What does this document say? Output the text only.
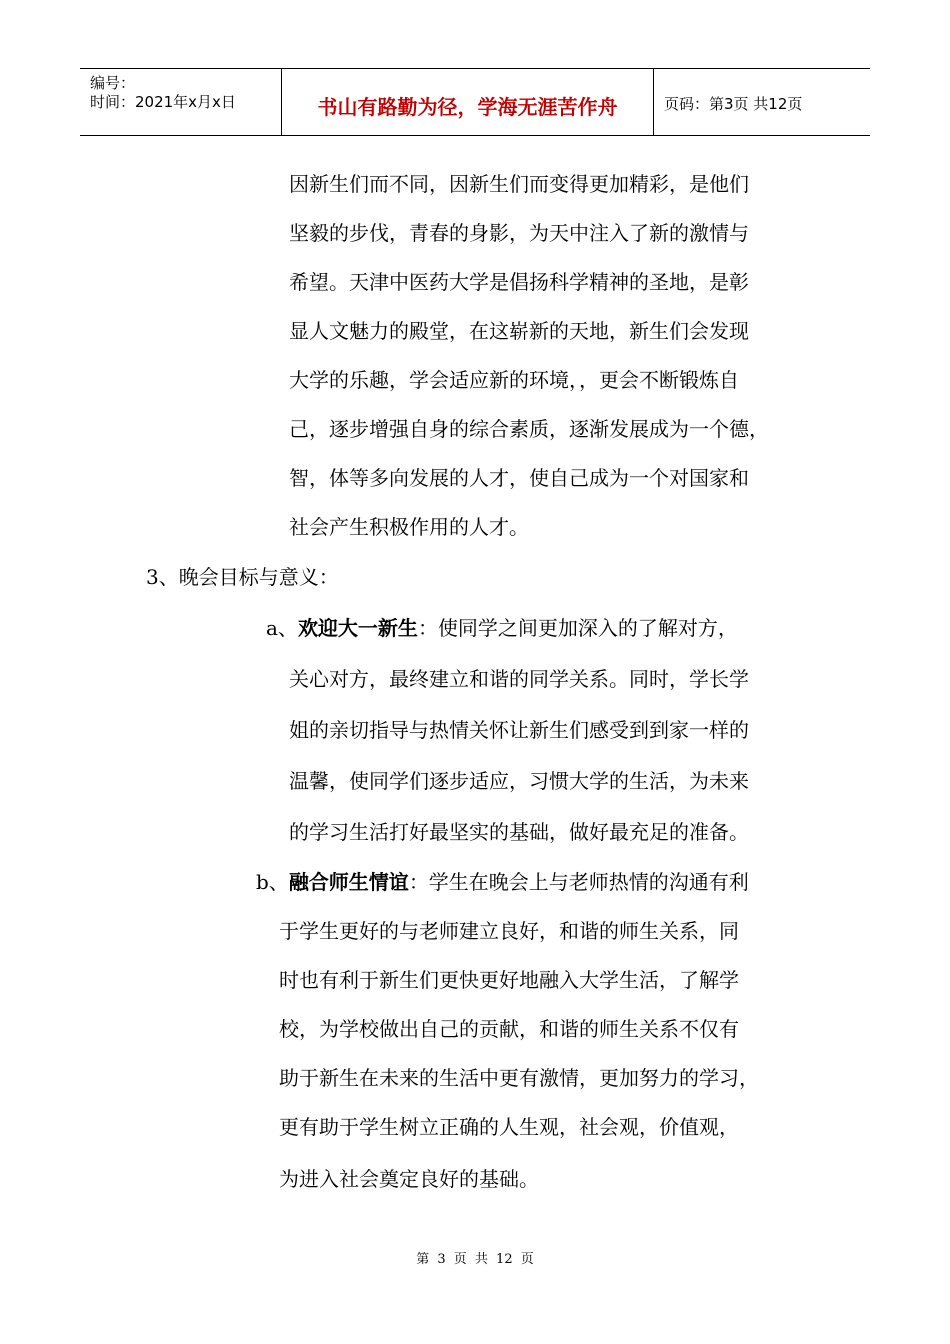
编号：
时间：2021年x月x日	书山有路勤为径，学海无涯苦作舟	页码：第3页 共12页
因新生们而不同，因新生们而变得更加精彩，是他们
坚毅的步伐，青春的身影，为天中注入了新的激情与
希望。天津中医药大学是倡扬科学精神的圣地，是彰
显人文魅力的殿堂，在这崭新的天地，新生们会发现
大学的乐趣，学会适应新的环境，，更会不断锻炼自
己，逐步增强自身的综合素质，逐渐发展成为一个德，
智，体等多向发展的人才，使自己成为一个对国家和
社会产生积极作用的人才。
3、晚会目标与意义：
a、欢迎大一新生：使同学之间更加深入的了解对方，
关心对方，最终建立和谐的同学关系。同时，学长学
姐的亲切指导与热情关怀让新生们感受到到家一样的
温馨，使同学们逐步适应，习惯大学的生活，为未来
的学习生活打好最坚实的基础，做好最充足的准备。
b、融合师生情谊：学生在晚会上与老师热情的沟通有利
于学生更好的与老师建立良好，和谐的师生关系，同
时也有利于新生们更快更好地融入大学生活，了解学
校，为学校做出自己的贡献，和谐的师生关系不仅有
助于新生在未来的生活中更有激情，更加努力的学习，
更有助于学生树立正确的人生观，社会观，价值观，
为进入社会奠定良好的基础。
第 3 页 共 12 页
